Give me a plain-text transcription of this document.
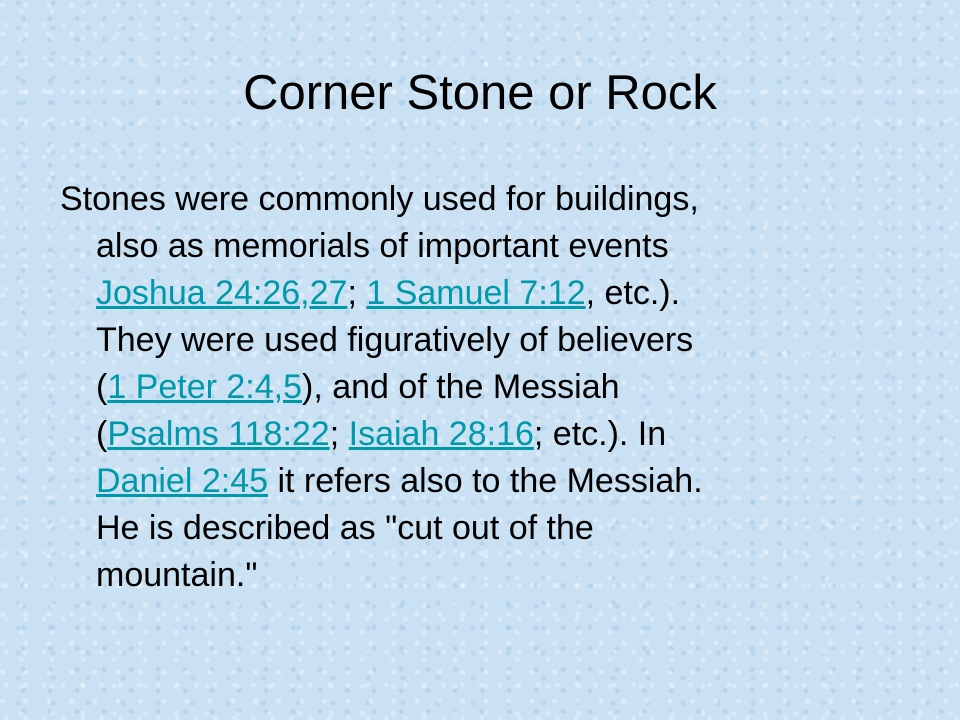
Corner Stone or Rock
Stones were commonly used for buildings,
also as memorials of important events
Joshua 24:26,27; 1 Samuel 7:12, etc.).
They were used figuratively of believers
(1 Peter 2:4,5), and of the Messiah
(Psalms 118:22; Isaiah 28:16; etc.). In
Daniel 2:45 it refers also to the Messiah.
He is described as "cut out of the
mountain."
